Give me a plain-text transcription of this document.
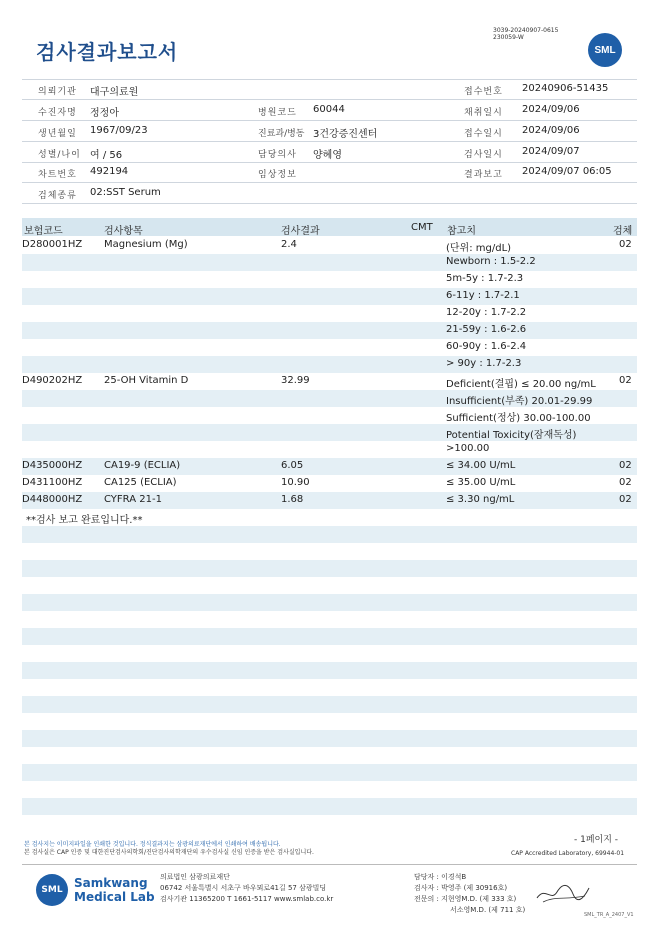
검사결과보고서
3039-20240907-0615
230059-W
SML
의뢰기관 대구의료원	접수번호 20240906-51435
수진자명 정정아	병원코드 60044	채취일시 2024/09/06
생년월일 1967/09/23	진료과/병동 3건강증진센터	접수일시 2024/09/06
성별/나이 여 / 56	담당의사 양혜영	검사일시 2024/09/07
차트번호 492194	임상정보	결과보고 2024/09/07 06:05
검체종류 02:SST Serum
보험코드	검사항목	검사결과	CMT 참고치	검체
D280001HZ Magnesium (Mg)	2.4	(단위: mg/dL)	02
Newborn : 1.5-2.2
5m-5y : 1.7-2.3
6-11y : 1.7-2.1
12-20y : 1.7-2.2
21-59y : 1.6-2.6
60-90y : 1.6-2.4
> 90y : 1.7-2.3
D490202HZ 25-OH Vitamin D	32.99	Deficient(결핍) ≤ 20.00 ng/mL 02
Insufficient(부족) 20.01-29.99
Sufficient(정상) 30.00-100.00
Potential Toxicity(잠재독성)
>100.00
D435000HZ CA19-9 (ECLIA)	6.05	≤ 34.00 U/mL	02
D431100HZ CA125 (ECLIA)	10.90	≤ 35.00 U/mL	02
D448000HZ CYFRA 21-1	1.68	≤ 3.30 ng/mL	02
**검사 보고 완료입니다.**
본 검사지는 이미지파일을 인쇄한 것입니다. 정식결과지는 삼광의료재단에서 인쇄하여 배송됩니다.
본 검사실은 CAP 인증 및 대한진단검사의학회/진단검사의학재단의 우수검사실 신임 인증을 받은 검사실입니다.
- 1페이지 -
CAP Accredited Laboratory, 69944-01
SML Samkwang
Medical Lab
의료법인 삼광의료재단
06742 서울특별시 서초구 바우뫼로41길 57 삼광빌딩
검사기관 11365200 T 1661-5117 www.smlab.co.kr
담당자 : 이경석B
검사자 : 박영주 (제 30916호)
전문의 : 지현영M.D. (제 333 호)
서소영M.D. (제 711 호)
SML_TR_A_2407_V1
